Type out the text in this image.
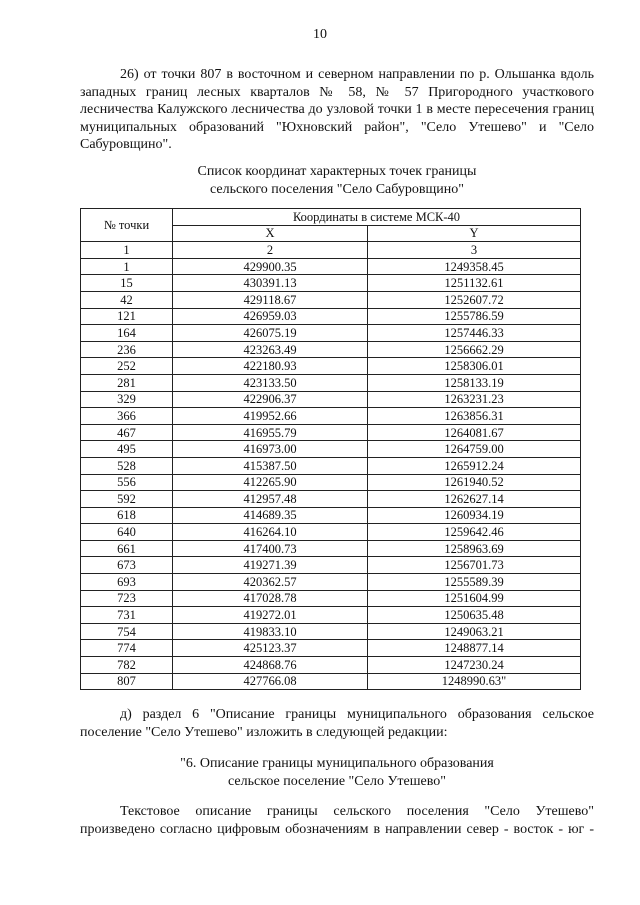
10
26) от точки 807 в восточном и северном направлении по р. Ольшанка вдоль
западных границ лесных кварталов № 58, № 57 Пригородного участкового
лесничества Калужского лесничества до узловой точки 1 в месте пересечения границ
муниципальных образований "Юхновский район", "Село Утешево" и "Село
Сабуровщино".
Список координат характерных точек границы
сельского поселения "Село Сабуровщино"
№ точки	Координаты в системе МСК-40	
	X	Y
1	2	3
1	429900.35	1249358.45
15	430391.13	1251132.61
42	429118.67	1252607.72
121	426959.03	1255786.59
164	426075.19	1257446.33
236	423263.49	1256662.29
252	422180.93	1258306.01
281	423133.50	1258133.19
329	422906.37	1263231.23
366	419952.66	1263856.31
467	416955.79	1264081.67
495	416973.00	1264759.00
528	415387.50	1265912.24
556	412265.90	1261940.52
592	412957.48	1262627.14
618	414689.35	1260934.19
640	416264.10	1259642.46
661	417400.73	1258963.69
673	419271.39	1256701.73
693	420362.57	1255589.39
723	417028.78	1251604.99
731	419272.01	1250635.48
754	419833.10	1249063.21
774	425123.37	1248877.14
782	424868.76	1247230.24
807	427766.08	1248990.63"
д) раздел 6 "Описание границы муниципального образования сельское
поселение "Село Утешево" изложить в следующей редакции:
"6. Описание границы муниципального образования
сельское поселение "Село Утешево"
Текстовое описание границы сельского поселения "Село Утешево"
произведено согласно цифровым обозначениям в направлении север - восток - юг -
